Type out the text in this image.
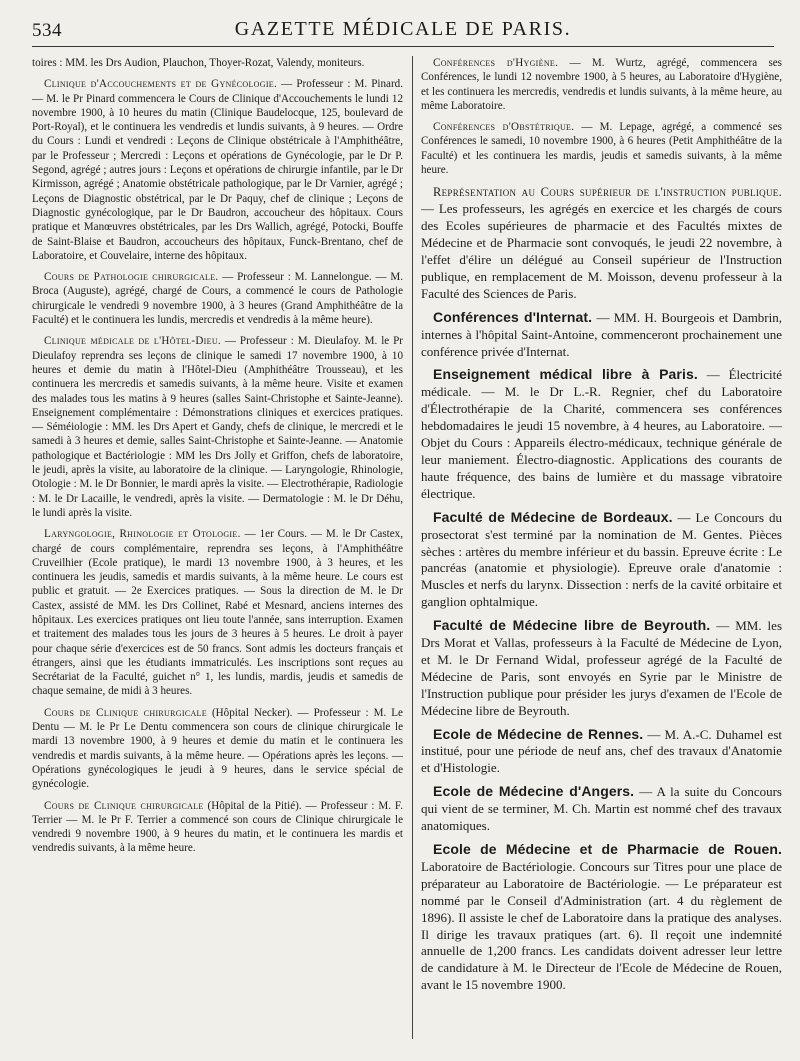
534	GAZETTE MÉDICALE DE PARIS.

toires : MM. les Drs Audion, Plauchon, Thoyer-Rozat, Valendy, moniteurs.

Clinique d'Accouchements et de Gynécologie. — Professeur : M. Pinard. — M. le Pr Pinard commencera le Cours de Clinique d'Accouchements le lundi 12 novembre 1900, à 10 heures du matin (Clinique Baudelocque, 125, boulevard de Port-Royal), et le continuera les vendredis et lundis suivants, à 9 heures. — Ordre du Cours : Lundi et vendredi : Leçons de Clinique obstétricale à l'Amphithéâtre, par le Professeur ; Mercredi : Leçons et opérations de Gynécologie, par le Dr P. Segond, agrégé ; autres jours : Leçons et opérations de chirurgie infantile, par le Dr Kirmisson, agrégé ; Anatomie obstétricale pathologique, par le Dr Varnier, agrégé ; Leçons de Diagnostic obstétrical, par le Dr Paquy, chef de clinique ; Leçons de Diagnostic gynécologique, par le Dr Baudron, accoucheur des hôpitaux. Cours pratique et Manœuvres obstétricales, par les Drs Wallich, agrégé, Potocki, Bouffe de Saint-Blaise et Baudron, accoucheurs des hôpitaux, Funck-Brentano, chef de Laboratoire, et Couvelaire, interne des hôpitaux.

Cours de Pathologie chirurgicale. — Professeur : M. Lannelongue. — M. Broca (Auguste), agrégé, chargé de Cours, a commencé le cours de Pathologie chirurgicale le vendredi 9 novembre 1900, à 3 heures (Grand Amphithéâtre de la Faculté) et le continuera les lundis, mercredis et vendredis à la même heure).

Clinique médicale de l'Hôtel-Dieu. — Professeur : M. Dieulafoy. M. le Pr Dieulafoy reprendra ses leçons de clinique le samedi 17 novembre 1900, à 10 heures et demie du matin à l'Hôtel-Dieu (Amphithéâtre Trousseau), et les continuera les mercredis et samedis suivants, à la même heure. Visite et examen des malades tous les matins à 9 heures (salles Saint-Christophe et Sainte-Jeanne). Enseignement complémentaire : Démonstrations cliniques et exercices pratiques. — Séméiologie : MM. les Drs Apert et Gandy, chefs de clinique, le mercredi et le samedi à 3 heures et demie, salles Saint-Christophe et Sainte-Jeanne. — Anatomie pathologique et Bactériologie : MM les Drs Jolly et Griffon, chefs de laboratoire, le jeudi, après la visite, au laboratoire de la clinique. — Laryngologie, Rhinologie, Otologie : M. le Dr Bonnier, le mardi après la visite. — Electrothérapie, Radiologie : M. le Dr Lacaille, le vendredi, après la visite. — Dermatologie : M. le Dr Déhu, le lundi après la visite.

Laryngologie, Rhinologie et Otologie. — 1er Cours. — M. le Dr Castex, chargé de cours complémentaire, reprendra ses leçons, à l'Amphithéâtre Cruveilhier (Ecole pratique), le mardi 13 novembre 1900, à 3 heures, et les continuera les jeudis, samedis et mardis suivants, à la même heure. Le cours est public et gratuit. — 2e Exercices pratiques. — Sous la direction de M. le Dr Castex, assisté de MM. les Drs Collinet, Rabé et Mesnard, anciens internes des hôpitaux. Les exercices pratiques ont lieu toute l'année, sans interruption. Examen et traitement des malades tous les jours de 3 heures à 5 heures. Le droit à payer pour chaque série d'exercices est de 50 francs. Sont admis les docteurs français et étrangers, ainsi que les étudiants immatriculés. Les inscriptions sont reçues au Secrétariat de la Faculté, guichet n° 1, les lundis, mardis, jeudis et samedis de chaque semaine, de midi à 3 heures.

Cours de Clinique chirurgicale (Hôpital Necker). — Professeur : M. Le Dentu — M. le Pr Le Dentu commencera son cours de clinique chirurgicale le mardi 13 novembre 1900, à 9 heures et demie du matin et le continuera les vendredis et mardis suivants, à la même heure. — Opérations après les leçons. — Opérations gynécologiques le jeudi à 9 heures, dans le service spécial de gynécologie.

Cours de Clinique chirurgicale (Hôpital de la Pitié). — Professeur : M. F. Terrier — M. le Pr F. Terrier a commencé son cours de Clinique chirurgicale le vendredi 9 novembre 1900, à 9 heures du matin, et le continuera les mardis et vendredis suivants, à la même heure.

Conférences d'Hygiène. — M. Wurtz, agrégé, commencera ses Conférences, le lundi 12 novembre 1900, à 5 heures, au Laboratoire d'Hygiène, et les continuera les mercredis, vendredis et lundis suivants, à la même heure, au même Laboratoire.

Conférences d'Obstétrique. — M. Lepage, agrégé, a commencé ses Conférences le samedi, 10 novembre 1900, à 6 heures (Petit Amphithéâtre de la Faculté) et les continuera les mardis, jeudis et samedis suivants, à la même heure.

Représentation au Cours supérieur de l'instruction publique. — Les professeurs, les agrégés en exercice et les chargés de cours des Ecoles supérieures de pharmacie et des Facultés mixtes de Médecine et de Pharmacie sont convoqués, le jeudi 22 novembre, à l'effet d'élire un délégué au Conseil supérieur de l'Instruction publique, en remplacement de M. Moisson, devenu professeur à la Faculté des Sciences de Paris.

Conférences d'Internat. — MM. H. Bourgeois et Dambrin, internes à l'hôpital Saint-Antoine, commenceront prochainement une conférence privée d'Internat.

Enseignement médical libre à Paris. — Électricité médicale. — M. le Dr L.-R. Regnier, chef du Laboratoire d'Électrothérapie de la Charité, commencera ses conférences hebdomadaires le jeudi 15 novembre, à 4 heures, au Laboratoire. — Objet du Cours : Appareils électro-médicaux, technique générale de leur maniement. Électro-diagnostic. Applications des courants de haute fréquence, des bains de lumière et du massage vibratoire électrique.

Faculté de Médecine de Bordeaux. — Le Concours du prosectorat s'est terminé par la nomination de M. Gentes. Pièces sèches : artères du membre inférieur et du bassin. Epreuve écrite : Le pancréas (anatomie et physiologie). Epreuve orale d'anatomie : Muscles et nerfs du larynx. Dissection : nerfs de la cavité orbitaire et ganglion ophtalmique.

Faculté de Médecine libre de Beyrouth. — MM. les Drs Morat et Vallas, professeurs à la Faculté de Médecine de Lyon, et M. le Dr Fernand Widal, professeur agrégé de la Faculté de Médecine de Paris, sont envoyés en Syrie par le Ministre de l'Instruction publique pour présider les jurys d'examen de l'Ecole de Médecine libre de Beyrouth.

Ecole de Médecine de Rennes. — M. A.-C. Duhamel est institué, pour une période de neuf ans, chef des travaux d'Anatomie et d'Histologie.

Ecole de Médecine d'Angers. — A la suite du Concours qui vient de se terminer, M. Ch. Martin est nommé chef des travaux anatomiques.

Ecole de Médecine et de Pharmacie de Rouen. Laboratoire de Bactériologie. Concours sur Titres pour une place de préparateur au Laboratoire de Bactériologie. — Le préparateur est nommé par le Conseil d'Administration (art. 4 du règlement de 1896). Il assiste le chef de Laboratoire dans la pratique des analyses. Il dirige les travaux pratiques (art. 6). Il reçoit une indemnité annuelle de 1,200 francs. Les candidats doivent adresser leur lettre de candidature à M. le Directeur de l'Ecole de Médecine de Rouen, avant le 15 novembre 1900.
